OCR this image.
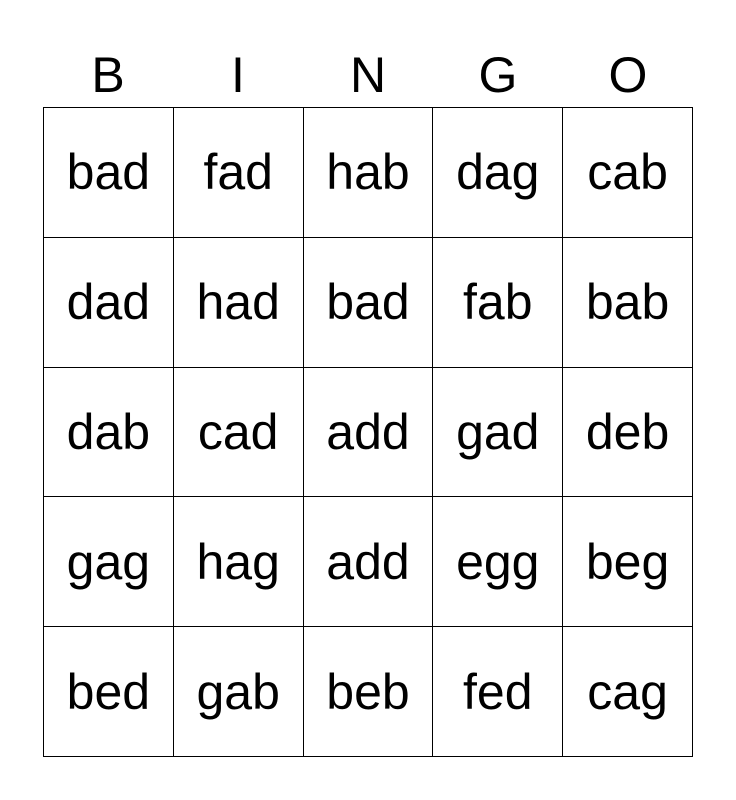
B	I	N	G	O
bad	fad	hab dag cab
dad had bad	fab	bab
dab cad add gad deb
gag hag add egg beg
bed gab beb	fed	cag
